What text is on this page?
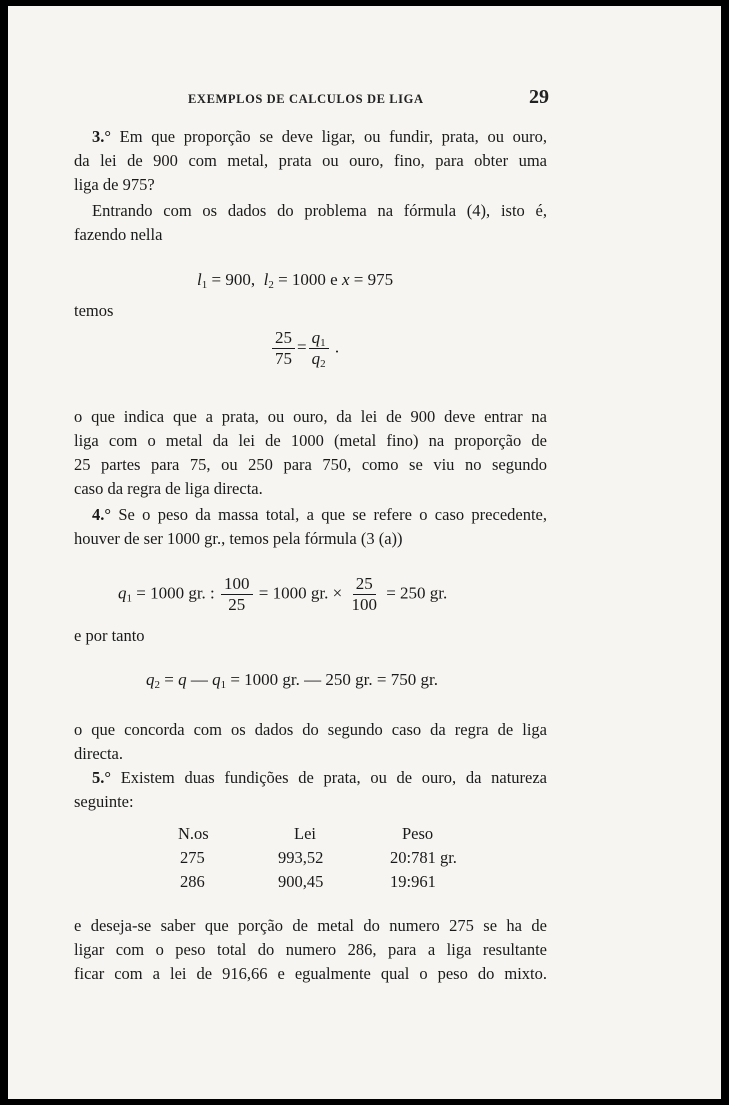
EXEMPLOS DE CALCULOS DE LIGA	29
3.° Em que proporção se deve ligar, ou fundir, prata, ou ouro,
da lei de 900 com metal, prata ou ouro, fino, para obter uma
liga de 975?
Entrando com os dados do problema na fórmula (4), isto é,
fazendo nella
$l_1 = 900$, $l_2 = 1000$ e x = 975
temos
$\frac{25}{75} = \frac{q_1}{q_2}$ .
o que indica que a prata, ou ouro, da lei de 900 deve entrar na
liga com o metal da lei de 1000 (metal fino) na proporção de
25 partes para 75, ou 250 para 750, como se viu no segundo
caso da regra de liga directa.
4.° Se o peso da massa total, a que se refere o caso precedente,
houver de ser 1000 gr., temos pela fórmula (3 (a))
$q_1 = 1000$ gr. : $\frac{100}{25} = 1000$ gr. × $\frac{25}{100} = 250$ gr.
e por tanto
$q_2 = q$ — $q_1 = 1000$ gr. — 250 gr. = 750 gr.
o que concorda com os dados do segundo caso da regra de liga
directa.
5.° Existem duas fundições de prata, ou de ouro, da natureza
seguinte:
N.os	Lei	Peso
275	993,52	20:781 gr.
286	900,45	19:961
e deseja-se saber que porção de metal do numero 275 se ha de
ligar com o peso total do numero 286, para a liga resultante
ficar com a lei de 916,66 e egualmente qual o peso do mixto.
